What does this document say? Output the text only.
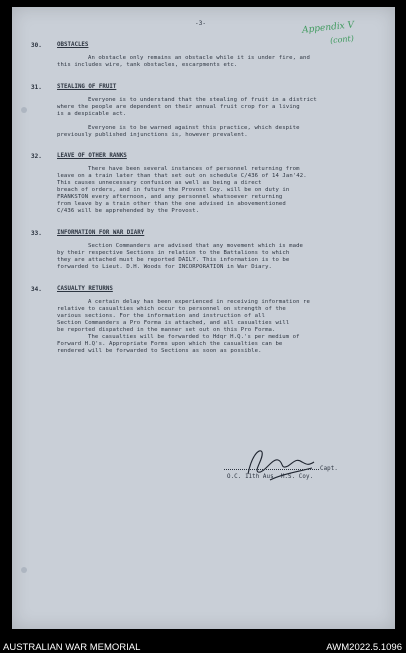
-3-	Appendix V
(cont)
30.	OBSTACLES
An obstacle only remains an obstacle while it is under fire, and
this includes wire, tank obstacles, escarpments etc.
31.	STEALING OF FRUIT
Everyone is to understand that the stealing of fruit in a district
where the people are dependent on their annual fruit crop for a living
is a despicable act.
Everyone is to be warned against this practice, which despite
previously published injunctions is, however prevalent.
32.	LEAVE OF OTHER RANKS
There have been several instances of personnel returning from
leave on a train later than that set out on schedule C/436 of 14 Jan'42.
This causes unnecessary confusion as well as being a direct
breach of orders, and in future the Provost Coy. will be on duty in
FRANKSTON every afternoon, and any personnel whatsoever returning
from leave by a train other than the one advised in abovementioned
C/436 will be apprehended by the Provost.
33.	INFORMATION FOR WAR DIARY
Section Commanders are advised that any movement which is made
by their respective Sections in relation to the Battalions to which
they are attached must be reported DAILY. This information is to be
forwarded to Lieut. D.H. Woods for INCORPORATION in War Diary.
34.	CASUALTY RETURNS
A certain delay has been experienced in receiving information re
relative to casualties which occur to personnel on strength of the
various sections. For the information and instruction of all
Section Commanders a Pro Forma is attached, and all casualties will
be reported dispatched in the manner set out on this Pro Forma.
The casualties will be forwarded to Hdqr H.Q.'s per medium of
Forward H.Q's. Appropriate Forms upon which the casualties can be
rendered will be forwarded to Sections as soon as possible.
Capt.
O.C. 11th Aus. M.S. Coy.
AUSTRALIAN WAR MEMORIAL	AWM2022.5.1096
